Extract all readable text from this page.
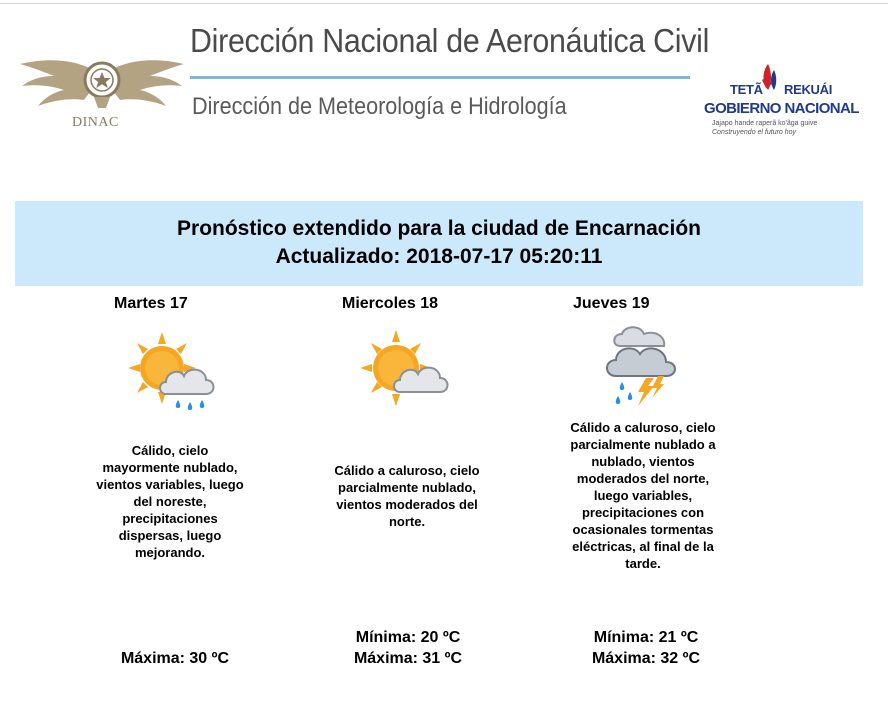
DINAC
Dirección Nacional de Aeronáutica Civil
Dirección de Meteorología e Hidrología
TETÃ REKUÁI
GOBIERNO NACIONAL
Jajapo hande raperã ko'ãga guive
Construyendo el futuro hoy
Pronóstico extendido para la ciudad de Encarnación
Actualizado: 2018-07-17 05:20:11
Martes 17
Cálido, cielo mayormente nublado, vientos variables, luego del noreste, precipitaciones dispersas, luego mejorando.
Máxima: 30 ºC
Miercoles 18
Cálido a caluroso, cielo parcialmente nublado, vientos moderados del norte.
Mínima: 20 ºC
Máxima: 31 ºC
Jueves 19
Cálido a caluroso, cielo parcialmente nublado a nublado, vientos moderados del norte, luego variables, precipitaciones con ocasionales tormentas eléctricas, al final de la tarde.
Mínima: 21 ºC
Máxima: 32 ºC
